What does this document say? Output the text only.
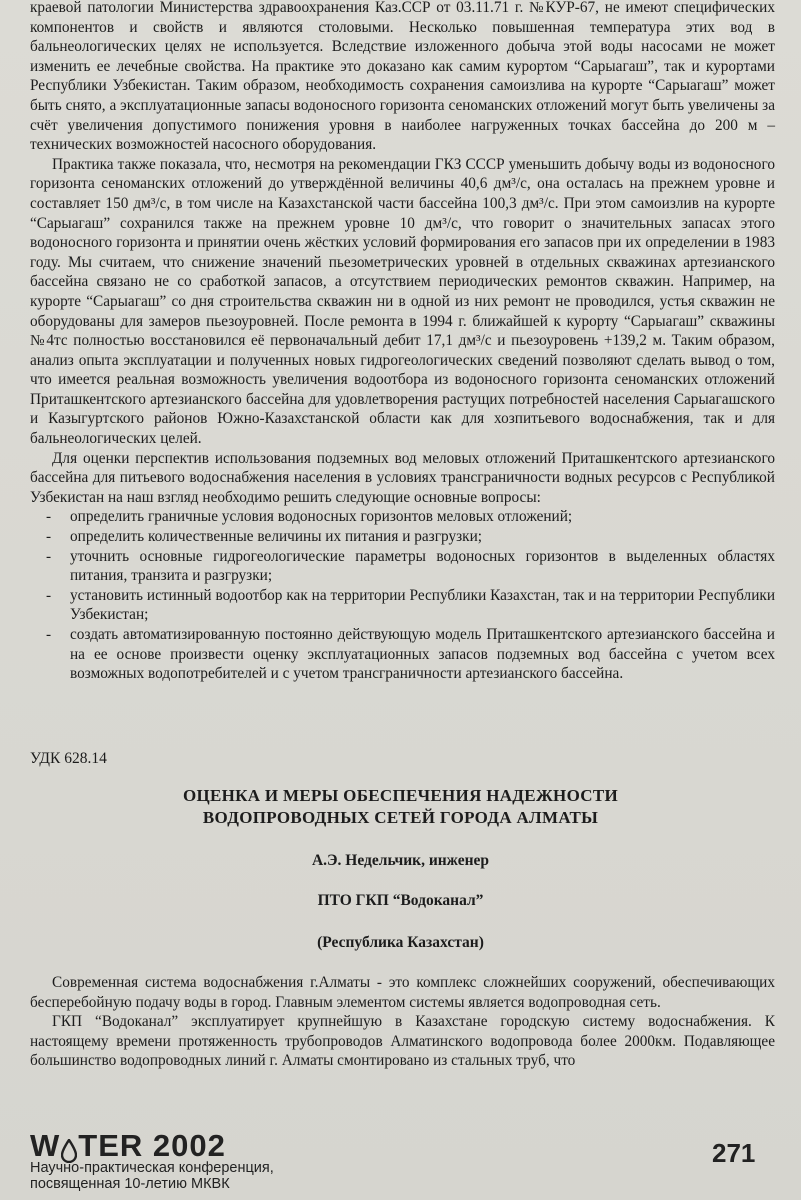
краевой патологии Министерства здравоохранения Каз.ССР от 03.11.71 г. №КУР-67, не имеют специфических компонентов и свойств и являются столовыми. Несколько повышенная температура этих вод в бальнеологических целях не используется. Вследствие изложенного добыча этой воды насосами не может изменить ее лечебные свойства. На практике это доказано как самим курортом “Сарыагаш”, так и курортами Республики Узбекистан. Таким образом, необходимость сохранения самоизлива на курорте “Сарыагаш” может быть снято, а эксплуатационные запасы водоносного горизонта сеноманских отложений могут быть увеличены за счёт увеличения допустимого понижения уровня в наиболее нагруженных точках бассейна до 200 м – технических возможностей насосного оборудования.

Практика также показала, что, несмотря на рекомендации ГКЗ СССР уменьшить добычу воды из водоносного горизонта сеноманских отложений до утверждённой величины 40,6 дм³/с, она осталась на прежнем уровне и составляет 150 дм³/с, в том числе на Казахстанской части бассейна 100,3 дм³/с. При этом самоизлив на курорте “Сарыагаш” сохранился также на прежнем уровне 10 дм³/с, что говорит о значительных запасах этого водоносного горизонта и принятии очень жёстких условий формирования его запасов при их определении в 1983 году. Мы считаем, что снижение значений пьезометрических уровней в отдельных скважинах артезианского бассейна связано не со сработкой запасов, а отсутствием периодических ремонтов скважин. Например, на курорте “Сарыагаш” со дня строительства скважин ни в одной из них ремонт не проводился, устья скважин не оборудованы для замеров пьезоуровней. После ремонта в 1994 г. ближайшей к курорту “Сарыагаш” скважины №4тс полностью восстановился её первоначальный дебит 17,1 дм³/с и пьезоуровень +139,2 м. Таким образом, анализ опыта эксплуатации и полученных новых гидрогеологических сведений позволяют сделать вывод о том, что имеется реальная возможность увеличения водоотбора из водоносного горизонта сеноманских отложений Приташкентского артезианского бассейна для удовлетворения растущих потребностей населения Сарыагашского и Казыгуртского районов Южно-Казахстанской области как для хозпитьевого водоснабжения, так и для бальнеологических целей.

Для оценки перспектив использования подземных вод меловых отложений Приташкентского артезианского бассейна для питьевого водоснабжения населения в условиях трансграничности водных ресурсов с Республикой Узбекистан на наш взгляд необходимо решить следующие основные вопросы:

-	определить граничные условия водоносных горизонтов меловых отложений;
-	определить количественные величины их питания и разгрузки;
-	уточнить основные гидрогеологические параметры водоносных горизонтов в выделенных областях питания, транзита и разгрузки;
-	установить истинный водоотбор как на территории Республики Казахстан, так и на территории Республики Узбекистан;
-	создать автоматизированную постоянно действующую модель Приташкентского артезианского бассейна и на ее основе произвести оценку эксплуатационных запасов подземных вод бассейна с учетом всех возможных водопотребителей и с учетом трансграничности артезианского бассейна.
УДК 628.14
ОЦЕНКА И МЕРЫ ОБЕСПЕЧЕНИЯ НАДЕЖНОСТИ
ВОДОПРОВОДНЫХ СЕТЕЙ ГОРОДА АЛМАТЫ
А.Э. Недельчик, инженер
ПТО ГКП “Водоканал”
(Республика Казахстан)

Современная система водоснабжения г.Алматы - это комплекс сложнейших сооружений, обеспечивающих бесперебойную подачу воды в город. Главным элементом системы является водопроводная сеть.

ГКП “Водоканал” эксплуатирует крупнейшую в Казахстане городскую систему водоснабжения. К настоящему времени протяженность трубопроводов Алматинского водопровода более 2000км. Подавляющее большинство водопроводных линий г. Алматы смонтировано из стальных труб, что

W TER 2002
Научно-практическая конференция,
посвященная 10-летию МКВК
271
